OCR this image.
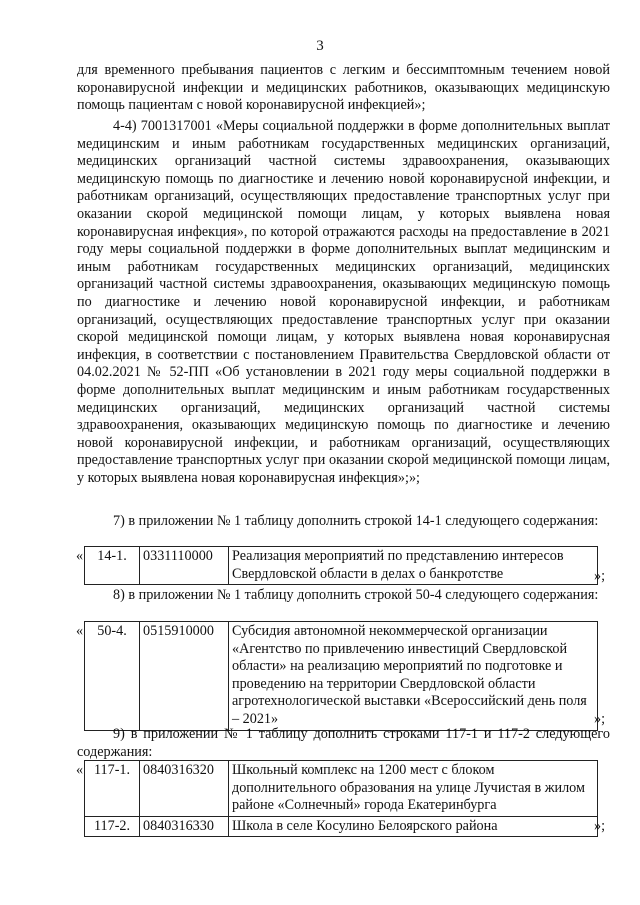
3

для временного пребывания пациентов с легким и бессимптомным течением новой коронавирусной инфекции и медицинских работников, оказывающих медицинскую помощь пациентам с новой коронавирусной инфекцией»;

4-4) 7001317001 «Меры социальной поддержки в форме дополнительных выплат медицинским и иным работникам государственных медицинских организаций, медицинских организаций частной системы здравоохранения, оказывающих медицинскую помощь по диагностике и лечению новой коронавирусной инфекции, и работникам организаций, осуществляющих предоставление транспортных услуг при оказании скорой медицинской помощи лицам, у которых выявлена новая коронавирусная инфекция», по которой отражаются расходы на предоставление в 2021 году меры социальной поддержки в форме дополнительных выплат медицинским и иным работникам государственных медицинских организаций, медицинских организаций частной системы здравоохранения, оказывающих медицинскую помощь по диагностике и лечению новой коронавирусной инфекции, и работникам организаций, осуществляющих предоставление транспортных услуг при оказании скорой медицинской помощи лицам, у которых выявлена новая коронавирусная инфекция, в соответствии с постановлением Правительства Свердловской области от 04.02.2021 № 52-ПП «Об установлении в 2021 году меры социальной поддержки в форме дополнительных выплат медицинским и иным работникам государственных медицинских организаций, медицинских организаций частной системы здравоохранения, оказывающих медицинскую помощь по диагностике и лечению новой коронавирусной инфекции, и работникам организаций, осуществляющих предоставление транспортных услуг при оказании скорой медицинской помощи лицам, у которых выявлена новая коронавирусная инфекция»;»;

7) в приложении № 1 таблицу дополнить строкой 14-1 следующего содержания:

« 14-1.	0331110000	Реализация мероприятий по представлению интересов Свердловской области в делах о банкротстве	»;

8) в приложении № 1 таблицу дополнить строкой 50-4 следующего содержания:

« 50-4.	0515910000	Субсидия автономной некоммерческой организации «Агентство по привлечению инвестиций Свердловской области» на реализацию мероприятий по подготовке и проведению на территории Свердловской области агротехнологической выставки «Всероссийский день поля – 2021»	»;

9) в приложении № 1 таблицу дополнить строками 117-1 и 117-2 следующего содержания:

« 117-1.	0840316320	Школьный комплекс на 1200 мест с блоком дополнительного образования на улице Лучистая в жилом районе «Солнечный» города Екатеринбурга
117-2.	0840316330	Школа в селе Косулино Белоярского района	»;
